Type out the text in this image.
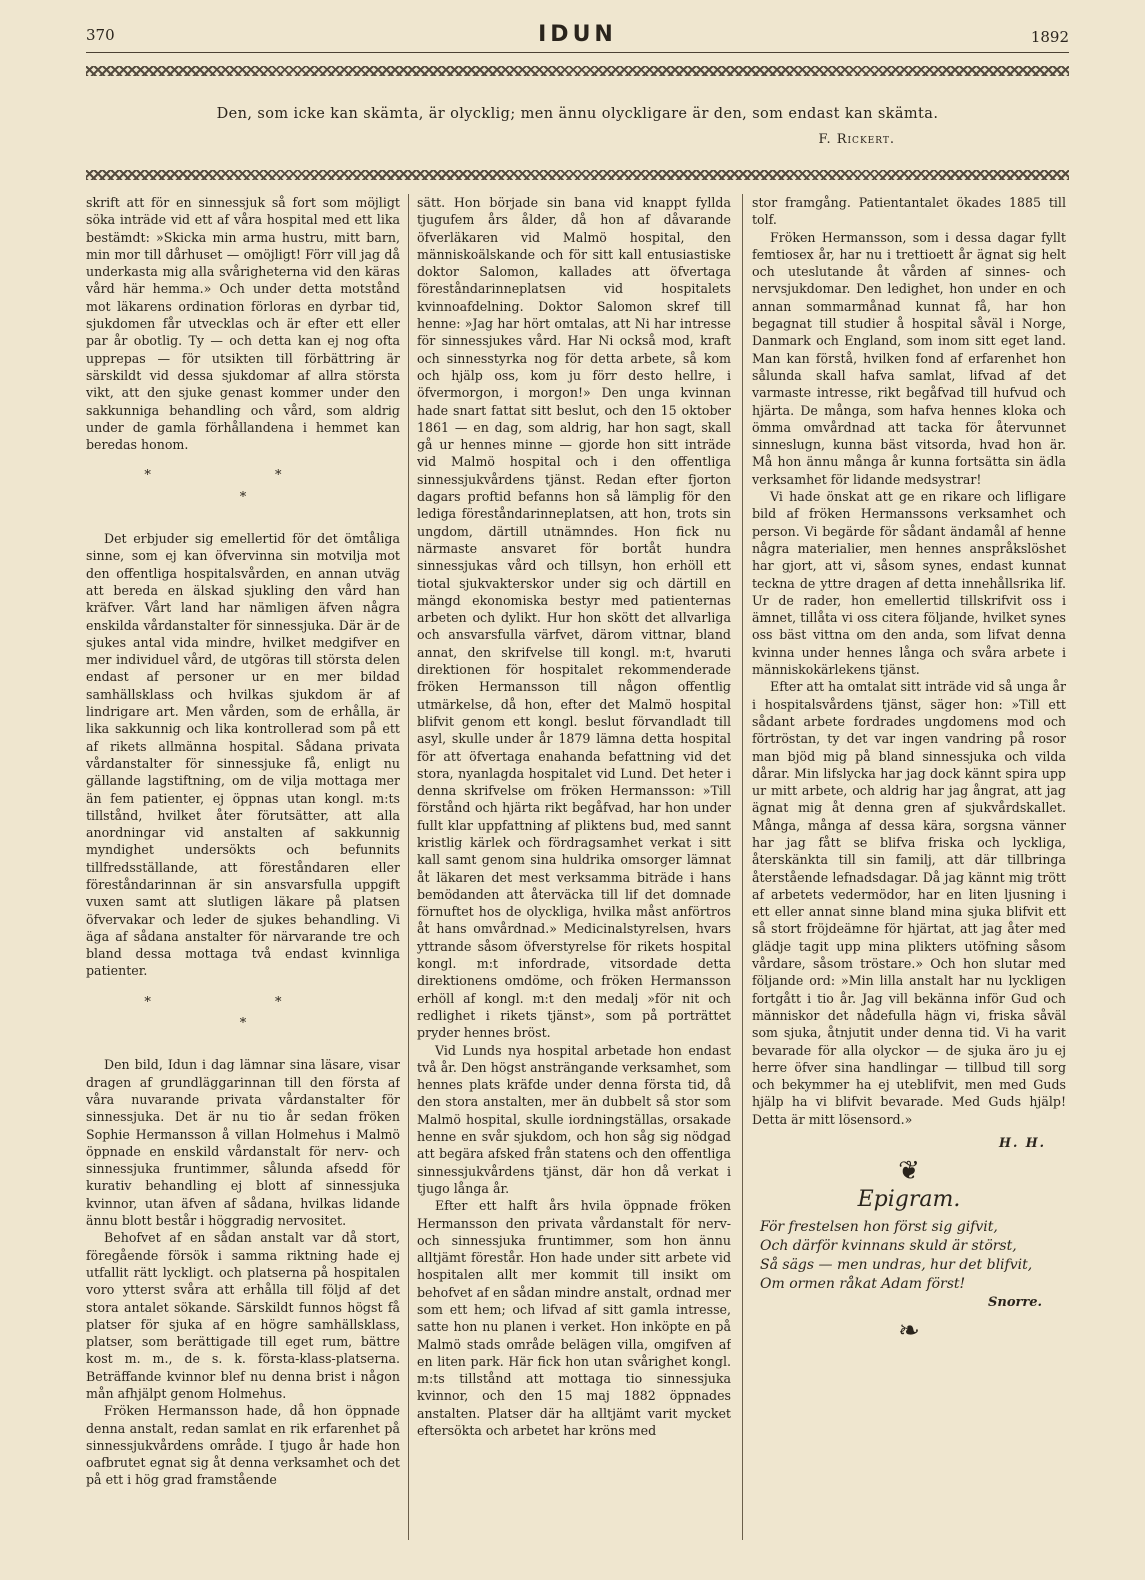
370	IDUN	1892
Den, som icke kan skämta, är olycklig; men ännu olyckligare är den, som endast kan skämta.
F. Rickert.

skrift att för en sinnessjuk så fort som möjligt söka inträde vid ett af våra hospital med ett lika bestämdt: »Skicka min arma hustru, mitt barn, min mor till dårhuset — omöjligt! Förr vill jag då underkasta mig alla svårigheterna vid den käras vård här hemma.» Och under detta motstånd mot läkarens ordination förloras en dyrbar tid, sjukdomen får utvecklas och är efter ett eller par år obotlig. Ty — och detta kan ej nog ofta upprepas — för utsikten till förbättring är särskildt vid dessa sjukdomar af allra största vikt, att den sjuke genast kommer under den sakkunniga behandling och vård, som aldrig under de gamla förhållandena i hemmet kan beredas honom.

* *
*

Det erbjuder sig emellertid för det ömtåliga sinne, som ej kan öfvervinna sin motvilja mot den offentliga hospitalsvården, en annan utväg att bereda en älskad sjukling den vård han kräfver. Vårt land har nämligen äfven några enskilda vårdanstalter för sinnessjuka. Där är de sjukes antal vida mindre, hvilket medgifver en mer individuel vård, de utgöras till största delen endast af personer ur en mer bildad samhällsklass och hvilkas sjukdom är af lindrigare art. Men vården, som de erhålla, är lika sakkunnig och lika kontrollerad som på ett af rikets allmänna hospital. Sådana privata vårdanstalter för sinnessjuke få, enligt nu gällande lagstiftning, om de vilja mottaga mer än fem patienter, ej öppnas utan kongl. m:ts tillstånd, hvilket åter förutsätter, att alla anordningar vid anstalten af sakkunnig myndighet undersökts och befunnits tillfredsställande, att föreståndaren eller föreståndarinnan är sin ansvarsfulla uppgift vuxen samt att slutligen läkare på platsen öfvervakar och leder de sjukes behandling. Vi äga af sådana anstalter för närvarande tre och bland dessa mottaga två endast kvinnliga patienter.

* *
*

Den bild, Idun i dag lämnar sina läsare, visar dragen af grundläggarinnan till den första af våra nuvarande privata vårdanstalter för sinnessjuka. Det är nu tio år sedan fröken Sophie Hermansson å villan Holmehus i Malmö öppnade en enskild vårdanstalt för nerv- och sinnessjuka fruntimmer, sålunda afsedd för kurativ behandling ej blott af sinnessjuka kvinnor, utan äfven af sådana, hvilkas lidande ännu blott består i höggradig nervositet.

Behofvet af en sådan anstalt var då stort, föregående försök i samma riktning hade ej utfallit rätt lyckligt. och platserna på hospitalen voro ytterst svåra att erhålla till följd af det stora antalet sökande. Särskildt funnos högst få platser för sjuka af en högre samhällsklass, platser, som berättigade till eget rum, bättre kost m. m., de s. k. första-klass-platserna. Beträffande kvinnor blef nu denna brist i någon mån afhjälpt genom Holmehus.

Fröken Hermansson hade, då hon öppnade denna anstalt, redan samlat en rik erfarenhet på sinnessjukvårdens område. I tjugo år hade hon oafbrutet egnat sig åt denna verksamhet och det på ett i hög grad framstående

sätt. Hon började sin bana vid knappt fyllda tjugufem års ålder, då hon af dåvarande öfverläkaren vid Malmö hospital, den människoälskande och för sitt kall entusiastiske doktor Salomon, kallades att öfvertaga föreståndarinneplatsen vid hospitalets kvinnoafdelning. Doktor Salomon skref till henne: »Jag har hört omtalas, att Ni har intresse för sinnessjukes vård. Har Ni också mod, kraft och sinnesstyrka nog för detta arbete, så kom och hjälp oss, kom ju förr desto hellre, i öfvermorgon, i morgon!» Den unga kvinnan hade snart fattat sitt beslut, och den 15 oktober 1861 — en dag, som aldrig, har hon sagt, skall gå ur hennes minne — gjorde hon sitt inträde vid Malmö hospital och i den offentliga sinnessjukvårdens tjänst. Redan efter fjorton dagars proftid befanns hon så lämplig för den lediga föreståndarinneplatsen, att hon, trots sin ungdom, därtill utnämndes. Hon fick nu närmaste ansvaret för bortåt hundra sinnessjukas vård och tillsyn, hon erhöll ett tiotal sjukvakterskor under sig och därtill en mängd ekonomiska bestyr med patienternas arbeten och dylikt. Hur hon skött det allvarliga och ansvarsfulla värfvet, därom vittnar, bland annat, den skrifvelse till kongl. m:t, hvaruti direktionen för hospitalet rekommenderade fröken Hermansson till någon offentlig utmärkelse, då hon, efter det Malmö hospital blifvit genom ett kongl. beslut förvandladt till asyl, skulle under år 1879 lämna detta hospital för att öfvertaga enahanda befattning vid det stora, nyanlagda hospitalet vid Lund. Det heter i denna skrifvelse om fröken Hermansson: »Till förstånd och hjärta rikt begåfvad, har hon under fullt klar uppfattning af pliktens bud, med sannt kristlig kärlek och fördragsamhet verkat i sitt kall samt genom sina huldrika omsorger lämnat åt läkaren det mest verksamma biträde i hans bemödanden att återväcka till lif det domnade förnuftet hos de olyckliga, hvilka måst anförtros åt hans omvårdnad.» Medicinalstyrelsen, hvars yttrande såsom öfverstyrelse för rikets hospital kongl. m:t infordrade, vitsordade detta direktionens omdöme, och fröken Hermansson erhöll af kongl. m:t den medalj »för nit och redlighet i rikets tjänst», som på porträttet pryder hennes bröst.

Vid Lunds nya hospital arbetade hon endast två år. Den högst ansträngande verksamhet, som hennes plats kräfde under denna första tid, då den stora anstalten, mer än dubbelt så stor som Malmö hospital, skulle iordningställas, orsakade henne en svår sjukdom, och hon såg sig nödgad att begära afsked från statens och den offentliga sinnessjukvårdens tjänst, där hon då verkat i tjugo långa år.

Efter ett halft års hvila öppnade fröken Hermansson den privata vårdanstalt för nerv- och sinnessjuka fruntimmer, som hon ännu alltjämt förestår. Hon hade under sitt arbete vid hospitalen allt mer kommit till insikt om behofvet af en sådan mindre anstalt, ordnad mer som ett hem; och lifvad af sitt gamla intresse, satte hon nu planen i verket. Hon inköpte en på Malmö stads område belägen villa, omgifven af en liten park. Här fick hon utan svårighet kongl. m:ts tillstånd att mottaga tio sinnessjuka kvinnor, och den 15 maj 1882 öppnades anstalten. Platser där ha alltjämt varit mycket eftersökta och arbetet har kröns med

stor framgång. Patientantalet ökades 1885 till tolf.

Fröken Hermansson, som i dessa dagar fyllt femtiosex år, har nu i trettioett år ägnat sig helt och uteslutande åt vården af sinnes- och nervsjukdomar. Den ledighet, hon under en och annan sommarmånad kunnat få, har hon begagnat till studier å hospital såväl i Norge, Danmark och England, som inom sitt eget land. Man kan förstå, hvilken fond af erfarenhet hon sålunda skall hafva samlat, lifvad af det varmaste intresse, rikt begåfvad till hufvud och hjärta. De många, som hafva hennes kloka och ömma omvårdnad att tacka för återvunnet sinneslugn, kunna bäst vitsorda, hvad hon är. Må hon ännu många år kunna fortsätta sin ädla verksamhet för lidande medsystrar!

Vi hade önskat att ge en rikare och lifligare bild af fröken Hermanssons verksamhet och person. Vi begärde för sådant ändamål af henne några materialier, men hennes anspråkslöshet har gjort, att vi, såsom synes, endast kunnat teckna de yttre dragen af detta innehållsrika lif. Ur de rader, hon emellertid tillskrifvit oss i ämnet, tillåta vi oss citera följande, hvilket synes oss bäst vittna om den anda, som lifvat denna kvinna under hennes långa och svåra arbete i människokärlekens tjänst.

Efter att ha omtalat sitt inträde vid så unga år i hospitalsvårdens tjänst, säger hon: »Till ett sådant arbete fordrades ungdomens mod och förtröstan, ty det var ingen vandring på rosor man bjöd mig på bland sinnessjuka och vilda dårar. Min lifslycka har jag dock kännt spira upp ur mitt arbete, och aldrig har jag ångrat, att jag ägnat mig åt denna gren af sjukvårdskallet. Många, många af dessa kära, sorgsna vänner har jag fått se blifva friska och lyckliga, återskänkta till sin familj, att där tillbringa återstående lefnadsdagar. Då jag kännt mig trött af arbetets vedermödor, har en liten ljusning i ett eller annat sinne bland mina sjuka blifvit ett så stort fröjdeämne för hjärtat, att jag åter med glädje tagit upp mina plikters utöfning såsom vårdare, såsom tröstare.» Och hon slutar med följande ord: »Min lilla anstalt har nu lyckligen fortgått i tio år. Jag vill bekänna inför Gud och människor det nådefulla hägn vi, friska såväl som sjuka, åtnjutit under denna tid. Vi ha varit bevarade för alla olyckor — de sjuka äro ju ej herre öfver sina handlingar — tillbud till sorg och bekymmer ha ej uteblifvit, men med Guds hjälp ha vi blifvit bevarade. Med Guds hjälp! Detta är mitt lösensord.»

H. H.
❦
Epigram.

För frestelsen hon först sig gifvit,

Och därför kvinnans skuld är störst,

Så sägs — men undras, hur det blifvit,

Om ormen råkat Adam först!

Snorre.
❧
